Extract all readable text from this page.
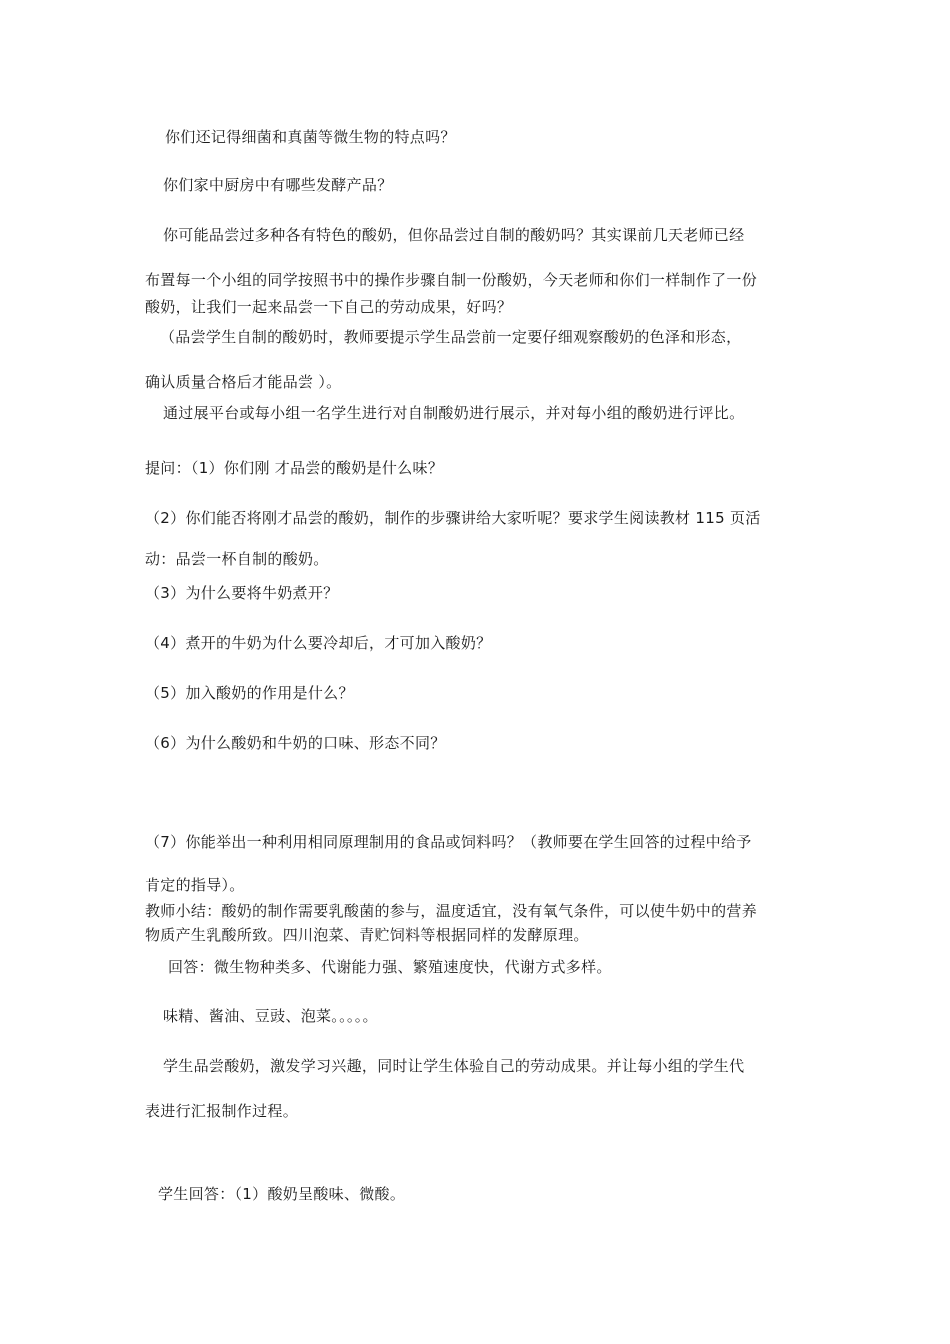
你们还记得细菌和真菌等微生物的特点吗？
你们家中厨房中有哪些发酵产品？
你可能品尝过多种各有特色的酸奶，但你品尝过自制的酸奶吗？其实课前几天老师已经
布置每一个小组的同学按照书中的操作步骤自制一份酸奶，今天老师和你们一样制作了一份
酸奶，让我们一起来品尝一下自己的劳动成果，好吗？
（品尝学生自制的酸奶时，教师要提示学生品尝前一定要仔细观察酸奶的色泽和形态，
确认质量合格后才能品尝 ）。
通过展平台或每小组一名学生进行对自制酸奶进行展示，并对每小组的酸奶进行评比。
提问：（1）你们刚 才品尝的酸奶是什么味？
（2）你们能否将刚才品尝的酸奶，制作的步骤讲给大家听呢？要求学生阅读教材 115 页活
动：品尝一杯自制的酸奶。
（3）为什么要将牛奶煮开？
（4）煮开的牛奶为什么要冷却后，才可加入酸奶？
（5）加入酸奶的作用是什么？
（6）为什么酸奶和牛奶的口味、形态不同？
（7）你能举出一种利用相同原理制用的食品或饲料吗？（教师要在学生回答的过程中给予
肯定的指导）。
教师小结：酸奶的制作需要乳酸菌的参与，温度适宜，没有氧气条件，可以使牛奶中的营养
物质产生乳酸所致。四川泡菜、青贮饲料等根据同样的发酵原理。
回答：微生物种类多、代谢能力强、繁殖速度快，代谢方式多样。
味精、酱油、豆豉、泡菜。。。。。
学生品尝酸奶，激发学习兴趣，同时让学生体验自己的劳动成果。并让每小组的学生代
表进行汇报制作过程。
学生回答：（1）酸奶呈酸味、微酸。
